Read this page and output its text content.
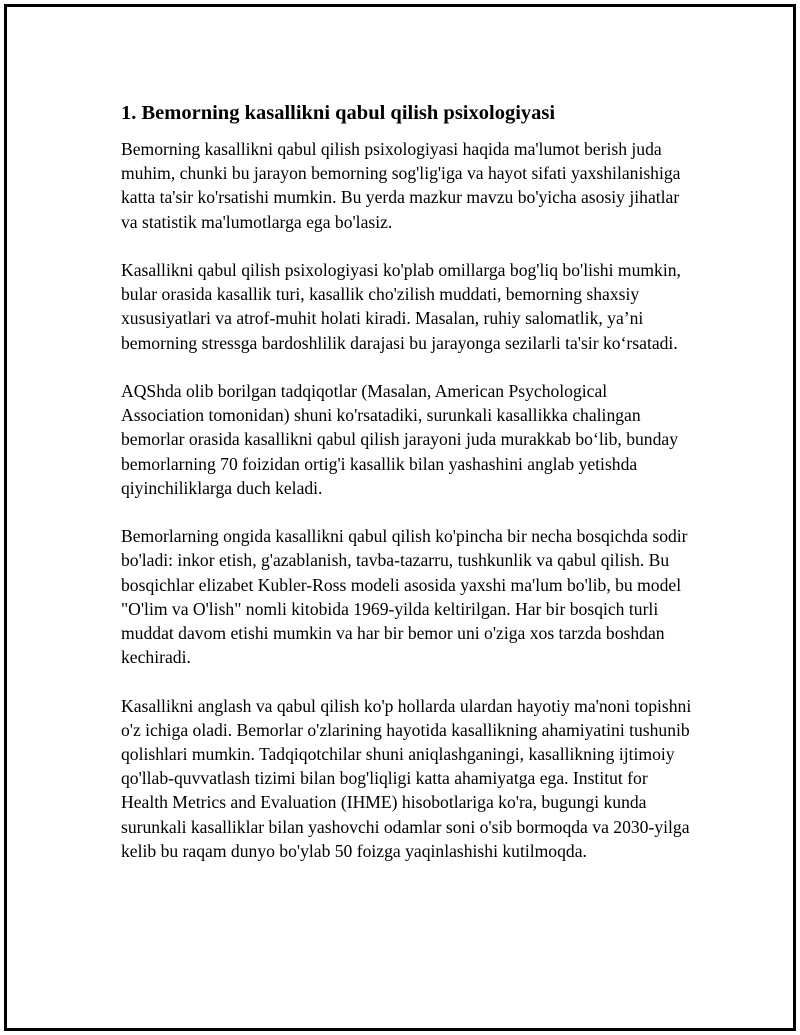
1. Bemorning kasallikni qabul qilish psixologiyasi

Bemorning kasallikni qabul qilish psixologiyasi haqida ma'lumot berish juda muhim, chunki bu jarayon bemorning sog'lig'iga va hayot sifati yaxshilanishiga katta ta'sir ko'rsatishi mumkin. Bu yerda mazkur mavzu bo'yicha asosiy jihatlar va statistik ma'lumotlarga ega bo'lasiz.

Kasallikni qabul qilish psixologiyasi ko'plab omillarga bog'liq bo'lishi mumkin, bular orasida kasallik turi, kasallik cho'zilish muddati, bemorning shaxsiy xususiyatlari va atrof-muhit holati kiradi. Masalan, ruhiy salomatlik, ya’ni bemorning stressga bardoshlilik darajasi bu jarayonga sezilarli ta'sir ko‘rsatadi.

AQShda olib borilgan tadqiqotlar (Masalan, American Psychological Association tomonidan) shuni ko'rsatadiki, surunkali kasallikka chalingan bemorlar orasida kasallikni qabul qilish jarayoni juda murakkab bo‘lib, bunday bemorlarning 70 foizidan ortig'i kasallik bilan yashashini anglab yetishda qiyinchiliklarga duch keladi.

Bemorlarning ongida kasallikni qabul qilish ko'pincha bir necha bosqichda sodir bo'ladi: inkor etish, g'azablanish, tavba-tazarru, tushkunlik va qabul qilish. Bu bosqichlar elizabet Kubler-Ross modeli asosida yaxshi ma'lum bo'lib, bu model "O'lim va O'lish" nomli kitobida 1969-yilda keltirilgan. Har bir bosqich turli muddat davom etishi mumkin va har bir bemor uni o'ziga xos tarzda boshdan kechiradi.

Kasallikni anglash va qabul qilish ko'p hollarda ulardan hayotiy ma'noni topishni o'z ichiga oladi. Bemorlar o'zlarining hayotida kasallikning ahamiyatini tushunib qolishlari mumkin. Tadqiqotchilar shuni aniqlashganingi, kasallikning ijtimoiy qo'llab-quvvatlash tizimi bilan bog'liqligi katta ahamiyatga ega. Institut for Health Metrics and Evaluation (IHME) hisobotlariga ko'ra, bugungi kunda surunkali kasalliklar bilan yashovchi odamlar soni o'sib bormoqda va 2030-yilga kelib bu raqam dunyo bo'ylab 50 foizga yaqinlashishi kutilmoqda.
